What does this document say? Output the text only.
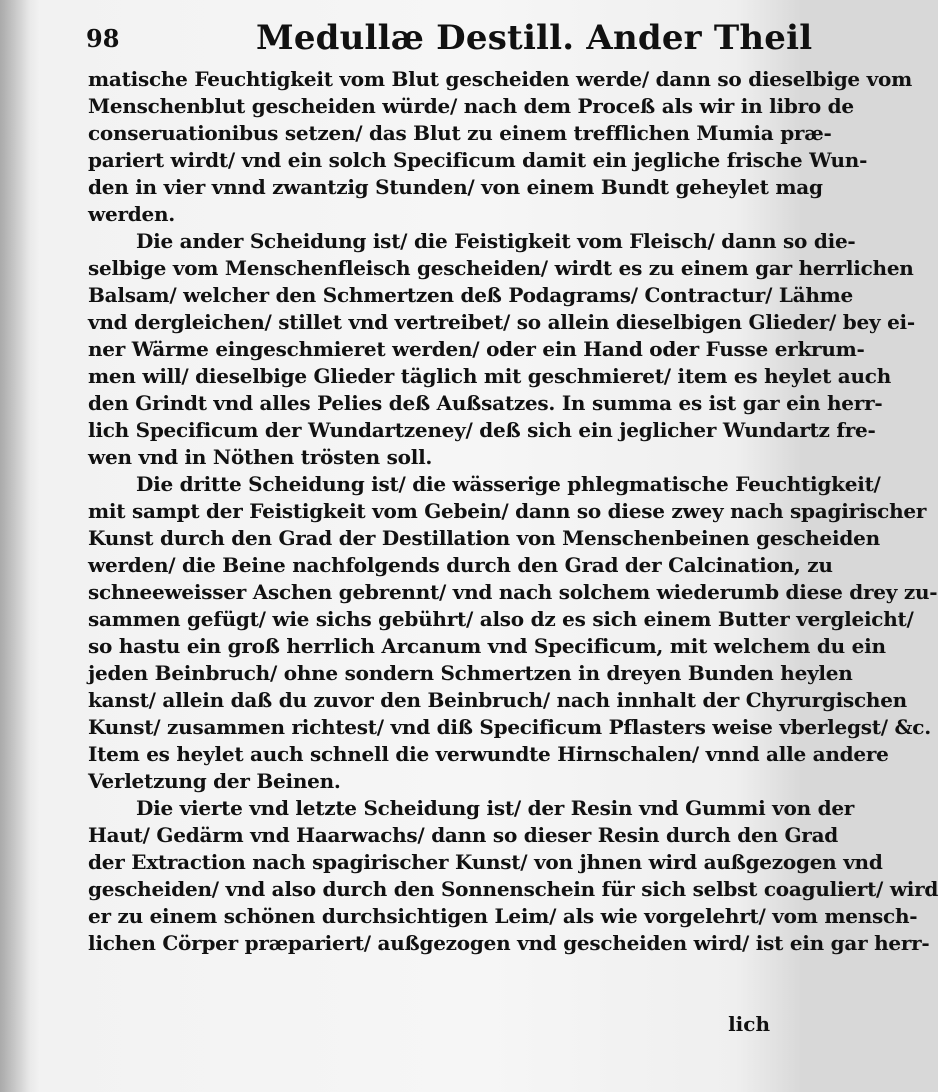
98	Medullæ Destill. Ander Theil
matische Feuchtigkeit vom Blut gescheiden werde/ dann so dieselbige vom
Menschenblut gescheiden würde/ nach dem Proceß als wir in libro de
conseruationibus setzen/ das Blut zu einem trefflichen Mumia præ-
pariert wirdt/ vnd ein solch Specificum damit ein jegliche frische Wun-
den in vier vnnd zwantzig Stunden/ von einem Bundt geheylet mag
werden.
Die ander Scheidung ist/ die Feistigkeit vom Fleisch/ dann so die-
selbige vom Menschenfleisch gescheiden/ wirdt es zu einem gar herrlichen
Balsam/ welcher den Schmertzen deß Podagrams/ Contractur/ Lähme
vnd dergleichen/ stillet vnd vertreibet/ so allein dieselbigen Glieder/ bey ei-
ner Wärme eingeschmieret werden/ oder ein Hand oder Fusse erkrum-
men will/ dieselbige Glieder täglich mit geschmieret/ item es heylet auch
den Grindt vnd alles Pelies deß Außsatzes. In summa es ist gar ein herr-
lich Specificum der Wundartzeney/ deß sich ein jeglicher Wundartz fre-
wen vnd in Nöthen trösten soll.
Die dritte Scheidung ist/ die wässerige phlegmatische Feuchtigkeit/
mit sampt der Feistigkeit vom Gebein/ dann so diese zwey nach spagirischer
Kunst durch den Grad der Destillation von Menschenbeinen gescheiden
werden/ die Beine nachfolgends durch den Grad der Calcination, zu
schneeweisser Aschen gebrennt/ vnd nach solchem wiederumb diese drey zu-
sammen gefügt/ wie sichs gebührt/ also dz es sich einem Butter vergleicht/
so hastu ein groß herrlich Arcanum vnd Specificum, mit welchem du ein
jeden Beinbruch/ ohne sondern Schmertzen in dreyen Bunden heylen
kanst/ allein daß du zuvor den Beinbruch/ nach innhalt der Chyrurgischen
Kunst/ zusammen richtest/ vnd diß Specificum Pflasters weise vberlegst/ &c.
Item es heylet auch schnell die verwundte Hirnschalen/ vnnd alle andere
Verletzung der Beinen.
Die vierte vnd letzte Scheidung ist/ der Resin vnd Gummi von der
Haut/ Gedärm vnd Haarwachs/ dann so dieser Resin durch den Grad
der Extraction nach spagirischer Kunst/ von jhnen wird außgezogen vnd
gescheiden/ vnd also durch den Sonnenschein für sich selbst coaguliert/ wird
er zu einem schönen durchsichtigen Leim/ als wie vorgelehrt/ vom mensch-
lichen Cörper præpariert/ außgezogen vnd gescheiden wird/ ist ein gar herr-
lich
